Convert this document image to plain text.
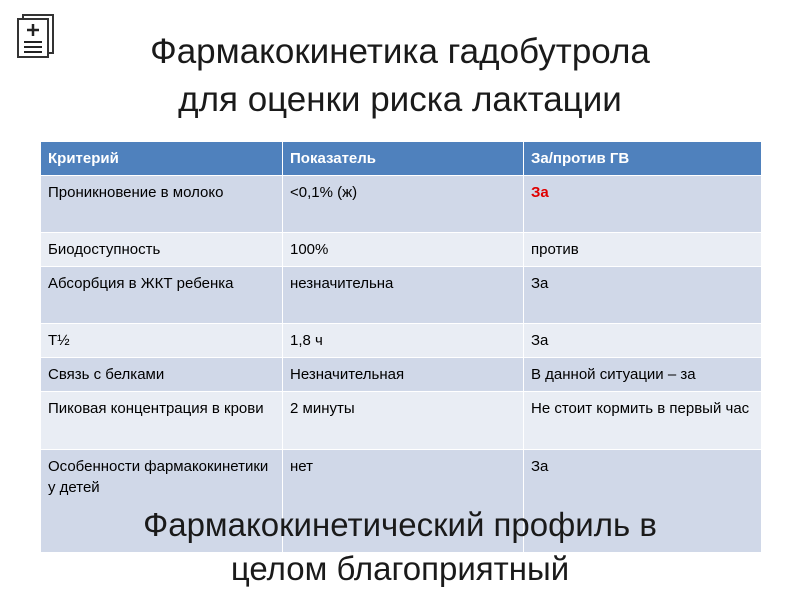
Фармакокинетика гадобутрола
для оценки риска лактации
Критерий	Показатель	За/против ГВ
Проникновение в молоко	<0,1% (ж)	За
Биодоступность	100%	против
Абсорбция в ЖКТ ребенка	незначительна	За
T½	1,8 ч	За
Связь с белками	Незначительная	В данной ситуации – за
Пиковая концентрация в крови	2 минуты	Не стоит кормить в первый час
Особенности фармакокинетики у детей	нет	За
Фармакокинетический профиль в
целом благоприятный
